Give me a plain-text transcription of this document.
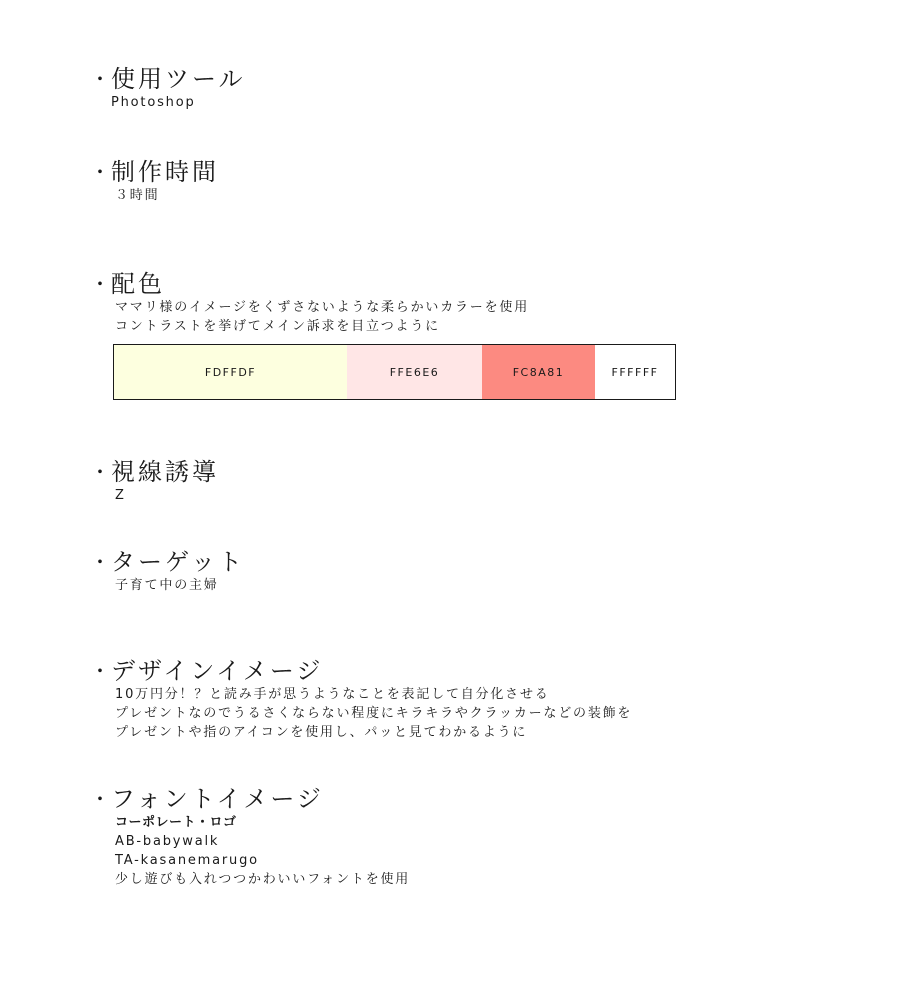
・
使用ツール
Photoshop
・
制作時間
３時間
・
配色
ママリ様のイメージをくずさないような柔らかいカラーを使用
コントラストを挙げてメイン訴求を目立つように
FDFFDF	FFE6E6	FC8A81	FFFFFF
・
視線誘導
Z
・
ターゲット
子育て中の主婦
・
デザインイメージ
10万円分！？と読み手が思うようなことを表記して自分化させる
プレゼントなのでうるさくならない程度にキラキラやクラッカーなどの装飾を
プレゼントや指のアイコンを使用し、パッと見てわかるように
・
フォントイメージ
コーポレート・ロゴ
AB-babywalk
TA-kasanemarugo
少し遊びも入れつつかわいいフォントを使用
